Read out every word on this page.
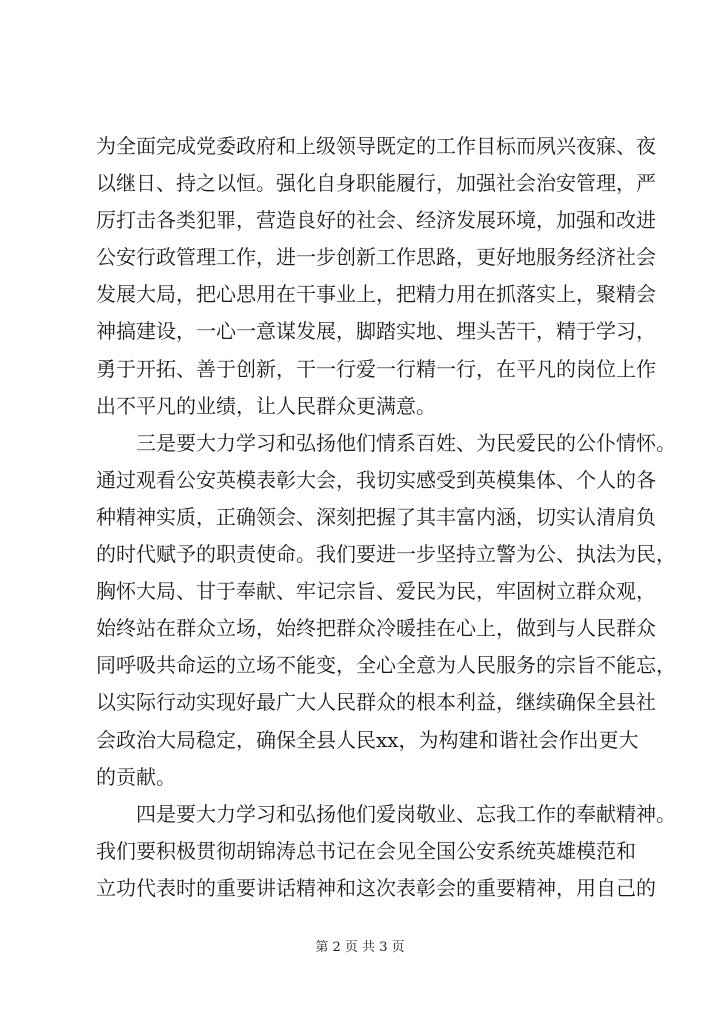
为全面完成党委政府和上级领导既定的工作目标而夙兴夜寐、夜
以继日、持之以恒。强化自身职能履行，加强社会治安管理，严
厉打击各类犯罪，营造良好的社会、经济发展环境，加强和改进
公安行政管理工作，进一步创新工作思路，更好地服务经济社会
发展大局，把心思用在干事业上，把精力用在抓落实上，聚精会
神搞建设，一心一意谋发展，脚踏实地、埋头苦干，精于学习，
勇于开拓、善于创新，干一行爱一行精一行，在平凡的岗位上作
出不平凡的业绩，让人民群众更满意。
三是要大力学习和弘扬他们情系百姓、为民爱民的公仆情怀。
通过观看公安英模表彰大会，我切实感受到英模集体、个人的各
种精神实质，正确领会、深刻把握了其丰富内涵，切实认清肩负
的时代赋予的职责使命。我们要进一步坚持立警为公、执法为民，
胸怀大局、甘于奉献、牢记宗旨、爱民为民，牢固树立群众观，
始终站在群众立场，始终把群众冷暖挂在心上，做到与人民群众
同呼吸共命运的立场不能变，全心全意为人民服务的宗旨不能忘，
以实际行动实现好最广大人民群众的根本利益，继续确保全县社
会政治大局稳定，确保全县人民xx，为构建和谐社会作出更大
的贡献。
四是要大力学习和弘扬他们爱岗敬业、忘我工作的奉献精神。
我们要积极贯彻胡锦涛总书记在会见全国公安系统英雄模范和
立功代表时的重要讲话精神和这次表彰会的重要精神，用自己的
第 2 页 共 3 页
